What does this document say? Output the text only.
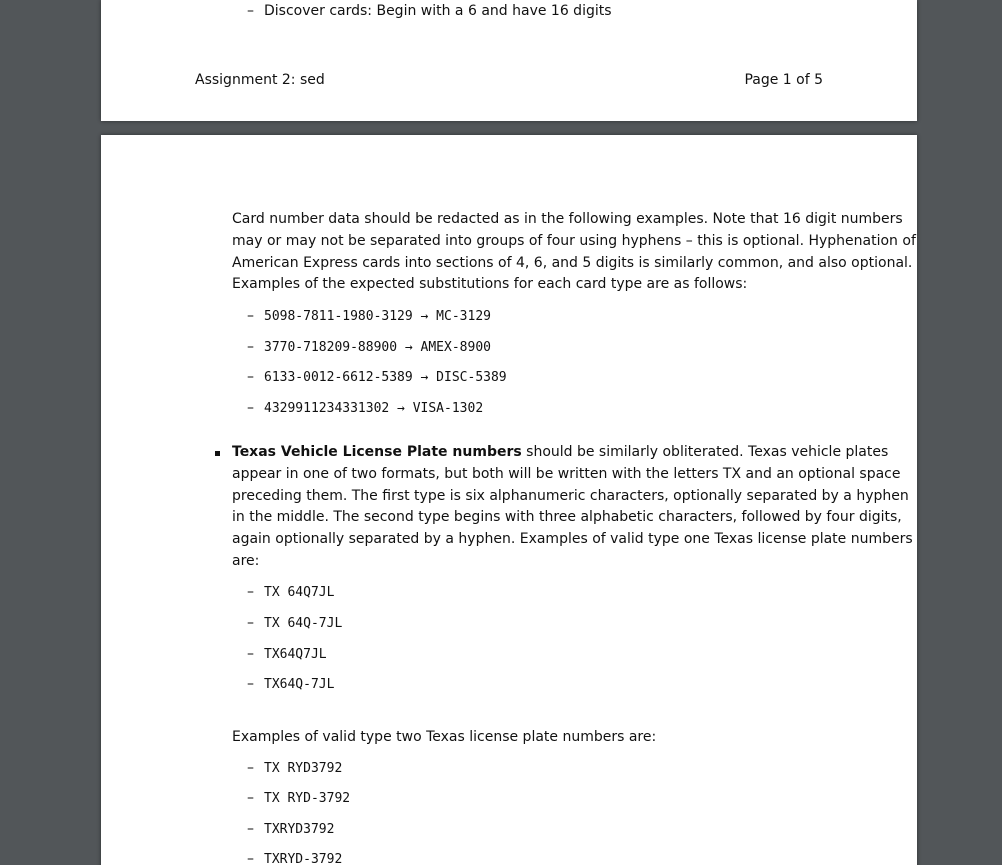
– Discover cards: Begin with a 6 and have 16 digits
Assignment 2: sed	Page 1 of 5
Card number data should be redacted as in the following examples. Note that 16 digit numbers
may or may not be separated into groups of four using hyphens – this is optional. Hyphenation of
American Express cards into sections of 4, 6, and 5 digits is similarly common, and also optional.
Examples of the expected substitutions for each card type are as follows:
– 5098-7811-1980-3129 → MC-3129
– 3770-718209-88900 → AMEX-8900
– 6133-0012-6612-5389 → DISC-5389
– 4329911234331302 → VISA-1302
Texas Vehicle License Plate numbers should be similarly obliterated. Texas vehicle plates
appear in one of two formats, but both will be written with the letters TX and an optional space
preceding them. The first type is six alphanumeric characters, optionally separated by a hyphen
in the middle. The second type begins with three alphabetic characters, followed by four digits,
again optionally separated by a hyphen. Examples of valid type one Texas license plate numbers
are:
– TX 64Q7JL
– TX 64Q-7JL
– TX64Q7JL
– TX64Q-7JL
Examples of valid type two Texas license plate numbers are:
– TX RYD3792
– TX RYD-3792
– TXRYD3792
– TXRYD-3792
